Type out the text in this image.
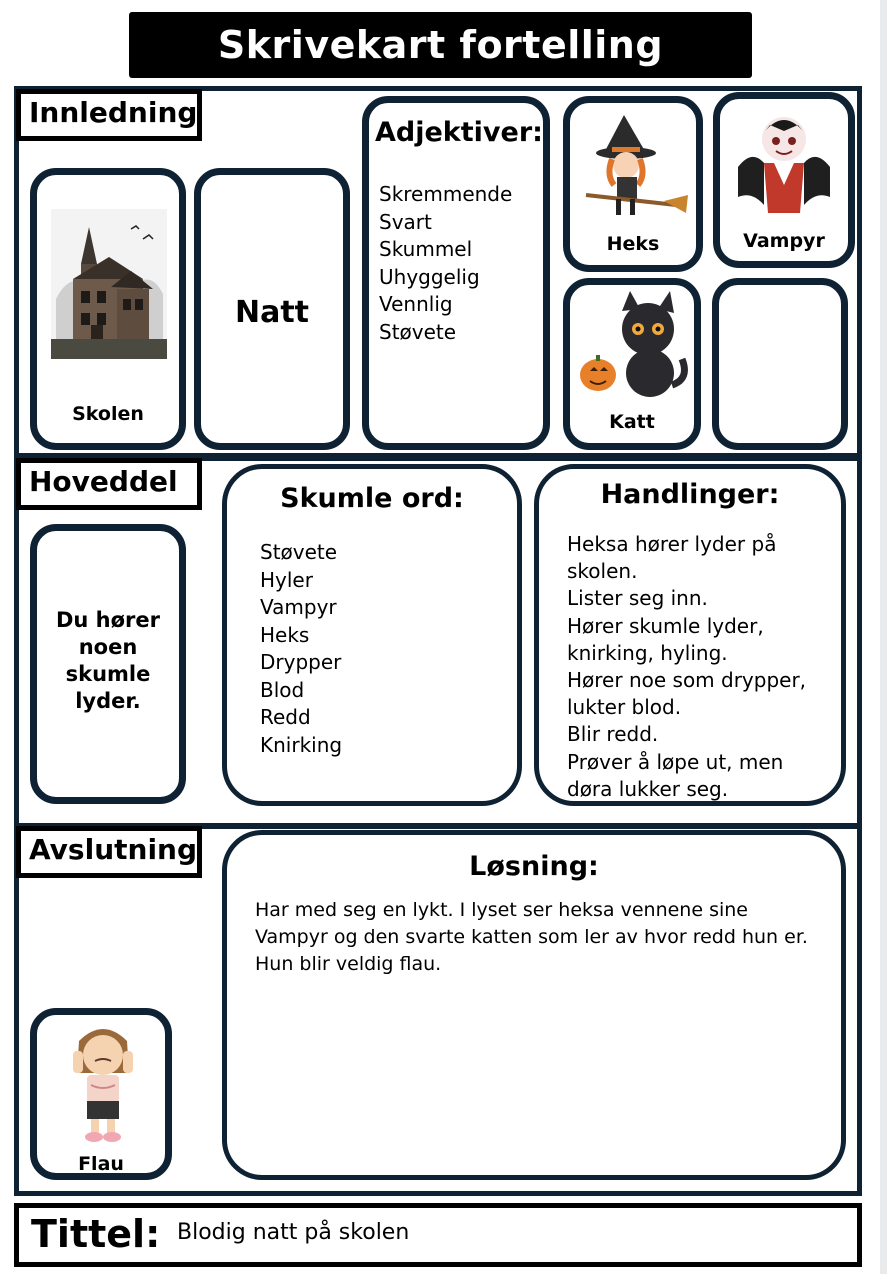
Skrivekart fortelling
Innledning
Skolen
Natt
Adjektiver:
Skremmende
Svart
Skummel
Uhyggelig
Vennlig
Støvete
Heks	Vampyr
Katt
Hoveddel
Du hører noen skumle lyder.
Skumle ord:
Støvete
Hyler
Vampyr
Heks
Drypper
Blod
Redd
Knirking
Handlinger:
Heksa hører lyder på skolen.
Lister seg inn.
Hører skumle lyder, knirking, hyling.
Hører noe som drypper, lukter blod.
Blir redd.
Prøver å løpe ut, men døra lukker seg.
Avslutning
Flau
Løsning:
Har med seg en lykt. I lyset ser heksa vennene sine Vampyr og den svarte katten som ler av hvor redd hun er. Hun blir veldig flau.
Tittel: Blodig natt på skolen
